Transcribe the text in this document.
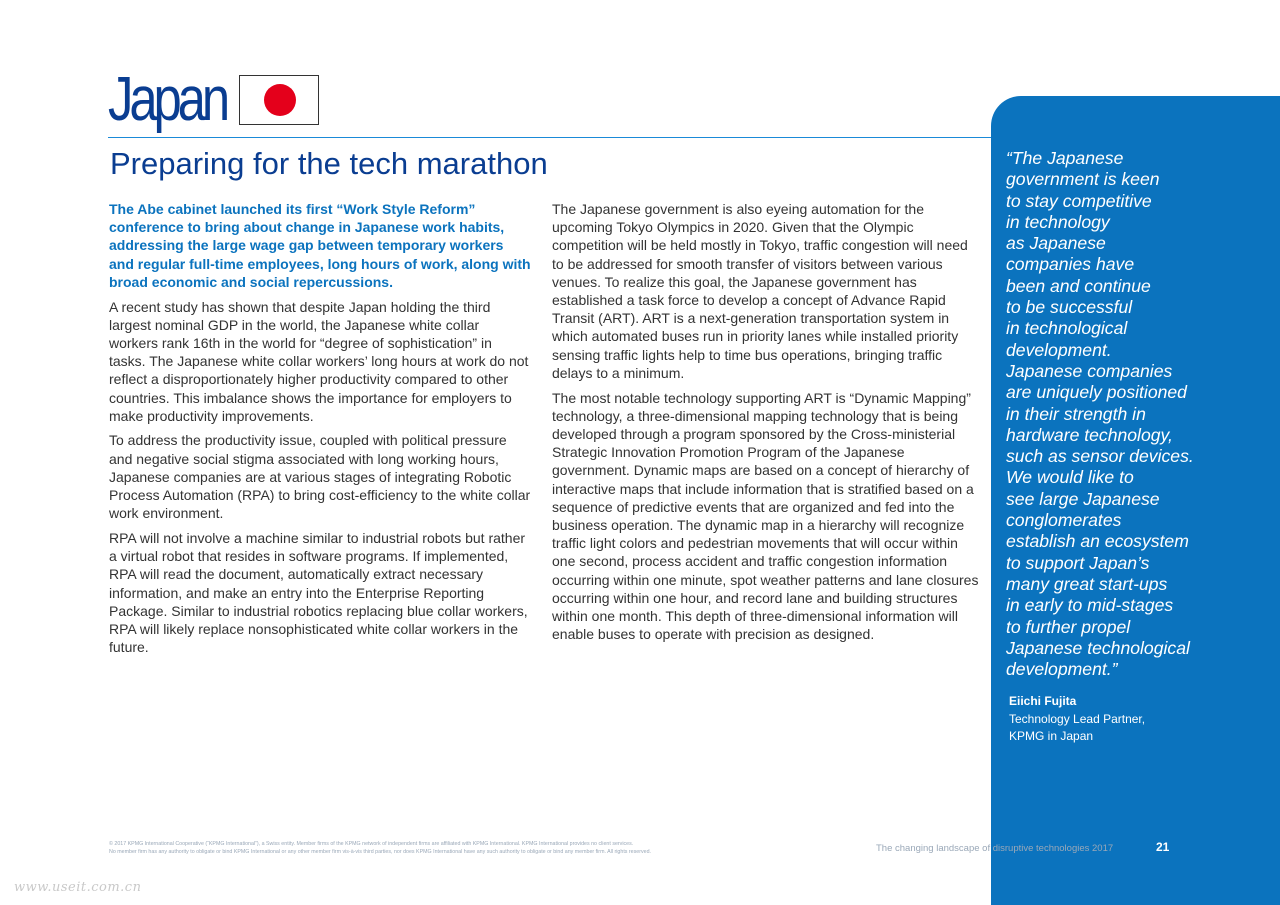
Japan
Preparing for the tech marathon

The Abe cabinet launched its first “Work Style Reform” conference to bring about change in Japanese work habits, addressing the large wage gap between temporary workers and regular full-time employees, long hours of work, along with broad economic and social repercussions.

A recent study has shown that despite Japan holding the third largest nominal GDP in the world, the Japanese white collar workers rank 16th in the world for “degree of sophistication” in tasks. The Japanese white collar workers’ long hours at work do not reflect a disproportionately higher productivity compared to other countries. This imbalance shows the importance for employers to make productivity improvements.

To address the productivity issue, coupled with political pressure and negative social stigma associated with long working hours, Japanese companies are at various stages of integrating Robotic Process Automation (RPA) to bring cost-efficiency to the white collar work environment.

RPA will not involve a machine similar to industrial robots but rather a virtual robot that resides in software programs. If implemented, RPA will read the document, automatically extract necessary information, and make an entry into the Enterprise Reporting Package. Similar to industrial robotics replacing blue collar workers, RPA will likely replace nonsophisticated white collar workers in the future.

The Japanese government is also eyeing automation for the upcoming Tokyo Olympics in 2020. Given that the Olympic competition will be held mostly in Tokyo, traffic congestion will need to be addressed for smooth transfer of visitors between various venues. To realize this goal, the Japanese government has established a task force to develop a concept of Advance Rapid Transit (ART). ART is a next-generation transportation system in which automated buses run in priority lanes while installed priority sensing traffic lights help to time bus operations, bringing traffic delays to a minimum.

The most notable technology supporting ART is “Dynamic Mapping” technology, a three-dimensional mapping technology that is being developed through a program sponsored by the Cross-ministerial Strategic Innovation Promotion Program of the Japanese government. Dynamic maps are based on a concept of hierarchy of interactive maps that include information that is stratified based on a sequence of predictive events that are organized and fed into the business operation. The dynamic map in a hierarchy will recognize traffic light colors and pedestrian movements that will occur within one second, process accident and traffic congestion information occurring within one minute, spot weather patterns and lane closures occurring within one hour, and record lane and building structures within one month. This depth of three-dimensional information will enable buses to operate with precision as designed.

“The Japanese
government is keen
to stay competitive
in technology
as Japanese
companies have
been and continue
to be successful
in technological
development.
Japanese companies
are uniquely positioned
in their strength in
hardware technology,
such as sensor devices.
We would like to
see large Japanese
conglomerates
establish an ecosystem
to support Japan’s
many great start-ups
in early to mid-stages
to further propel
Japanese technological
development.”

Eiichi Fujita
Technology Lead Partner,
KPMG in Japan
© 2017 KPMG International Cooperative (“KPMG International”), a Swiss entity. Member firms of the KPMG network of independent firms are affiliated with KPMG International. KPMG International provides no client services.
No member firm has any authority to obligate or bind KPMG International or any other member firm vis-à-vis third parties, nor does KPMG International have any such authority to obligate or bind any member firm. All rights reserved.	The changing landscape of disruptive technologies 2017	21
www.useit.com.cn
